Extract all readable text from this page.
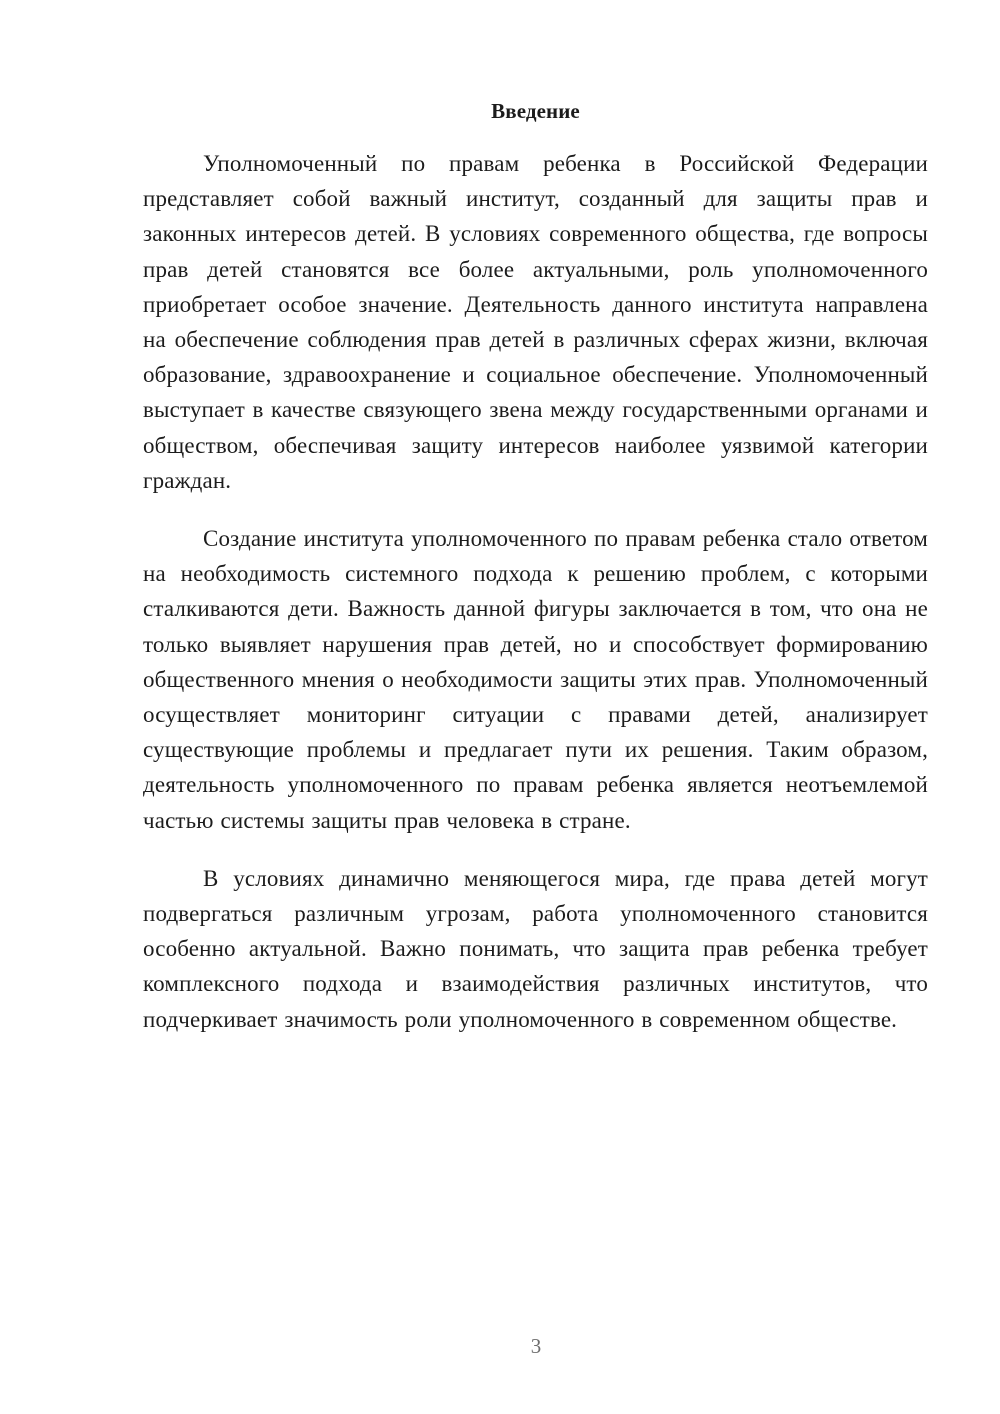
Введение

Уполномоченный по правам ребенка в Российской Федерации представляет собой важный институт, созданный для защиты прав и законных интересов детей. В условиях современного общества, где вопросы прав детей становятся все более актуальными, роль уполномоченного приобретает особое значение. Деятельность данного института направлена на обеспечение соблюдения прав детей в различных сферах жизни, включая образование, здравоохранение и социальное обеспечение. Уполномоченный выступает в качестве связующего звена между государственными органами и обществом, обеспечивая защиту интересов наиболее уязвимой категории граждан.

Создание института уполномоченного по правам ребенка стало ответом на необходимость системного подхода к решению проблем, с которыми сталкиваются дети. Важность данной фигуры заключается в том, что она не только выявляет нарушения прав детей, но и способствует формированию общественного мнения о необходимости защиты этих прав. Уполномоченный осуществляет мониторинг ситуации с правами детей, анализирует существующие проблемы и предлагает пути их решения. Таким образом, деятельность уполномоченного по правам ребенка является неотъемлемой частью системы защиты прав человека в стране.

В условиях динамично меняющегося мира, где права детей могут подвергаться различным угрозам, работа уполномоченного становится особенно актуальной. Важно понимать, что защита прав ребенка требует комплексного подхода и взаимодействия различных институтов, что подчеркивает значимость роли уполномоченного в современном обществе.

3
